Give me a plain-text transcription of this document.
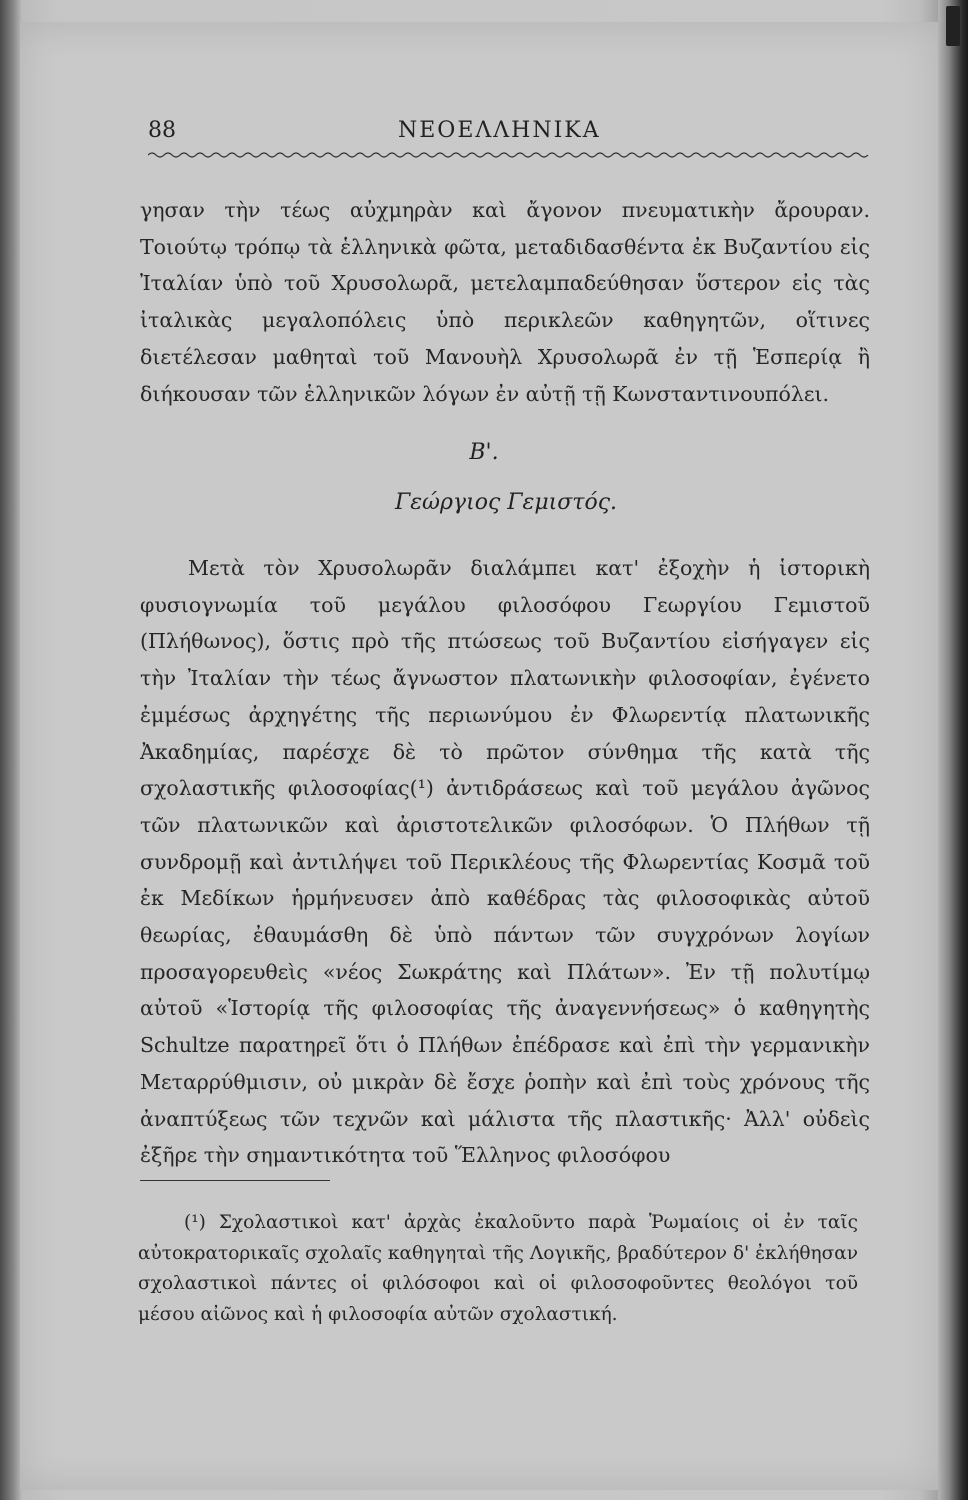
88	ΝΕΟΕΛΛΗΝΙΚΑ

γησαν τὴν τέως αὐχμηρὰν καὶ ἄγονον πνευματικὴν ἄρουραν. Τοιούτῳ τρόπῳ τὰ ἑλληνικὰ φῶτα, μεταδιδασθέντα ἐκ Βυζαντίου εἰς Ἰταλίαν ὑπὸ τοῦ Χρυσολωρᾶ, μετελαμπαδεύθησαν ὕστερον εἰς τὰς ἰταλικὰς μεγαλοπόλεις ὑπὸ περικλεῶν καθηγητῶν, οἵτινες διετέλεσαν μαθηταὶ τοῦ Μανουὴλ Χρυσολωρᾶ ἐν τῇ Ἑσπερίᾳ ἢ διήκουσαν τῶν ἑλληνικῶν λόγων ἐν αὐτῇ τῇ Κωνσταντινουπόλει.

Β'.
Γεώργιος Γεμιστός.

Μετὰ τὸν Χρυσολωρᾶν διαλάμπει κατ' ἐξοχὴν ἡ ἱστορικὴ φυσιογνωμία τοῦ μεγάλου φιλοσόφου Γεωργίου Γεμιστοῦ (Πλήθωνος), ὅστις πρὸ τῆς πτώσεως τοῦ Βυζαντίου εἰσήγαγεν εἰς τὴν Ἰταλίαν τὴν τέως ἄγνωστον πλατωνικὴν φιλοσοφίαν, ἐγένετο ἐμμέσως ἀρχηγέτης τῆς περιωνύμου ἐν Φλωρεντίᾳ πλατωνικῆς Ἀκαδημίας, παρέσχε δὲ τὸ πρῶτον σύνθημα τῆς κατὰ τῆς σχολαστικῆς φιλοσοφίας(¹) ἀντιδράσεως καὶ τοῦ μεγάλου ἀγῶνος τῶν πλατωνικῶν καὶ ἀριστοτελικῶν φιλοσόφων. Ὁ Πλήθων τῇ συνδρομῇ καὶ ἀντιλήψει τοῦ Περικλέους τῆς Φλωρεντίας Κοσμᾶ τοῦ ἐκ Μεδίκων ἡρμήνευσεν ἀπὸ καθέδρας τὰς φιλοσοφικὰς αὐτοῦ θεωρίας, ἐθαυμάσθη δὲ ὑπὸ πάντων τῶν συγχρόνων λογίων προσαγορευθεὶς «νέος Σωκράτης καὶ Πλάτων». Ἐν τῇ πολυτίμῳ αὐτοῦ «Ἱστορίᾳ τῆς φιλοσοφίας τῆς ἀναγεννήσεως» ὁ καθηγητὴς Schultze παρατηρεῖ ὅτι ὁ Πλήθων ἐπέδρασε καὶ ἐπὶ τὴν γερμανικὴν Μεταρρύθμισιν, οὐ μικρὰν δὲ ἔσχε ῥοπὴν καὶ ἐπὶ τοὺς χρόνους τῆς ἀναπτύξεως τῶν τεχνῶν καὶ μάλιστα τῆς πλαστικῆς· Ἀλλ' οὐδεὶς ἐξῆρε τὴν σημαντικότητα τοῦ Ἕλληνος φιλοσόφου

(¹) Σχολαστικοὶ κατ' ἀρχὰς ἐκαλοῦντο παρὰ Ῥωμαίοις οἱ ἐν ταῖς αὐτοκρατορικαῖς σχολαῖς καθηγηταὶ τῆς Λογικῆς, βραδύτερον δ' ἐκλήθησαν σχολαστικοὶ πάντες οἱ φιλόσοφοι καὶ οἱ φιλοσοφοῦντες θεολόγοι τοῦ μέσου αἰῶνος καὶ ἡ φιλοσοφία αὐτῶν σχολαστική.
